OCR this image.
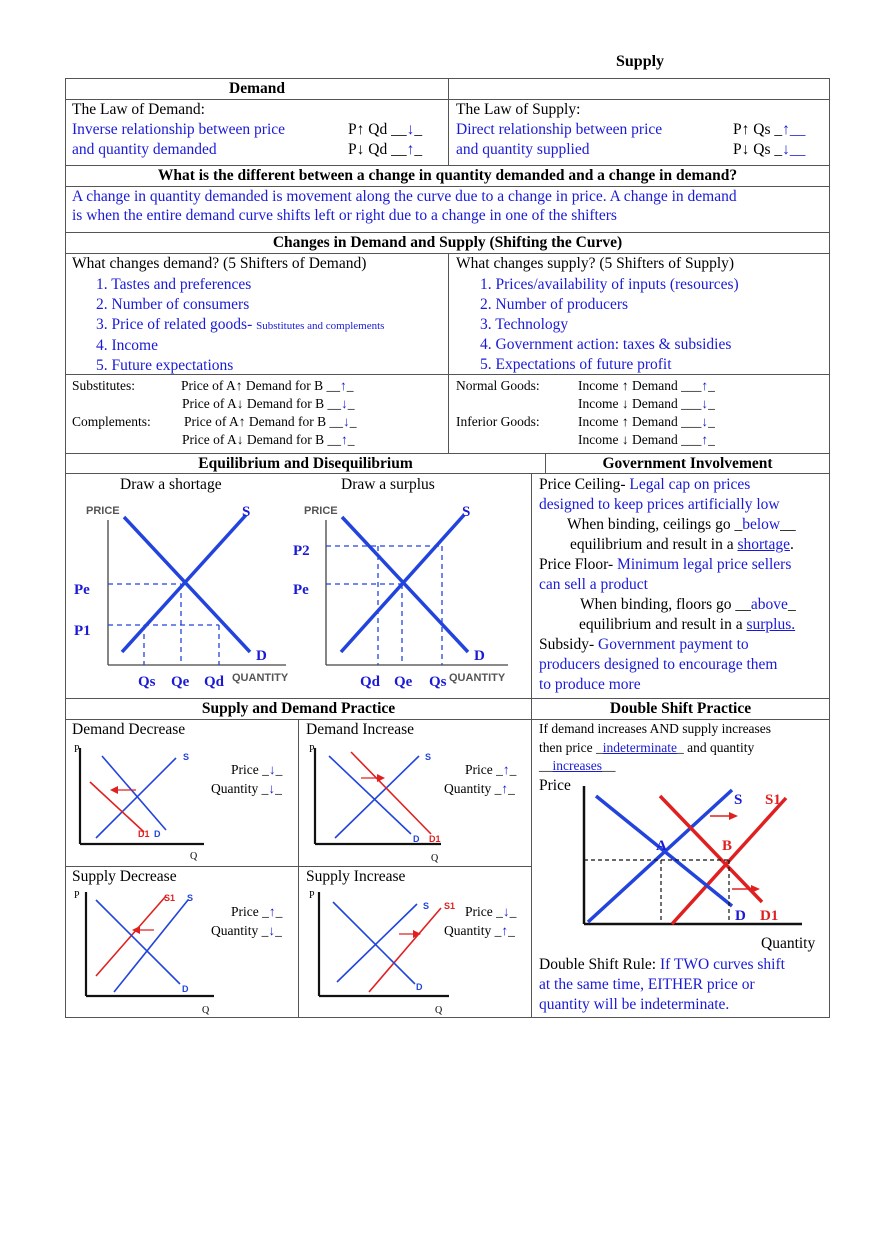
Supply
Demand
The Law of Demand:
Inverse relationship between price
and quantity demanded
P↑ Qd __↓_
P↓ Qd __↑_
The Law of Supply:
Direct relationship between price
and quantity supplied
P↑ Qs _↑__
P↓ Qs _↓__
What is the different between a change in quantity demanded and a change in demand?
A change in quantity demanded is movement along the curve due to a change in price. A change in demand
is when the entire demand curve shifts left or right due to a change in one of the shifters
Changes in Demand and Supply (Shifting the Curve)
What changes demand? (5 Shifters of Demand)
1. Tastes and preferences
2. Number of consumers
3. Price of related goods- Substitutes and complements
4. Income
5. Future expectations
What changes supply? (5 Shifters of Supply)
1. Prices/availability of inputs (resources)
2. Number of producers
3. Technology
4. Government action: taxes & subsidies
5. Expectations of future profit
Substitutes:	Price of A↑ Demand for B __↑_
Price of A↓ Demand for B __↓_
Complements: Price of A↑ Demand for B __↓_
Price of A↓ Demand for B __↑_
Normal Goods:	Income ↑ Demand ___↑_
Income ↓ Demand ___↓_
Inferior Goods:	Income ↑ Demand ___↓_
Income ↓ Demand ___↑_
Equilibrium and Disequilibrium	Government Involvement
Draw a shortage	Draw a surplus
PRICE	S
D
Pe
P1
Qs Qe Qd QUANTITY
PRICE	S
D
P2
Pe
Qd Qe Qs QUANTITY
Price Ceiling- Legal cap on prices
designed to keep prices artificially low
When binding, ceilings go _below__
equilibrium and result in a shortage.
Price Floor- Minimum legal price sellers
can sell a product
When binding, floors go __above_
equilibrium and result in a surplus.
Subsidy- Government payment to
producers designed to encourage them
to produce more
Supply and Demand Practice	Double Shift Practice
Demand Decrease
P
S
D1 D
Q
Price _↓_
Quantity _↓_
Demand Increase
P
S
D D1
Q
Price _↑_
Quantity _↑_
Supply Decrease
P	S1 S
D
Q
Price _↑_
Quantity _↓_
Supply Increase
P
S S1
D
Q
Price _↓_
Quantity _↑_
If demand increases AND supply increases
then price _indeterminate_ and quantity
__increases__
Price
S S1
A	B
D D1
Quantity
Double Shift Rule: If TWO curves shift
at the same time, EITHER price or
quantity will be indeterminate.
